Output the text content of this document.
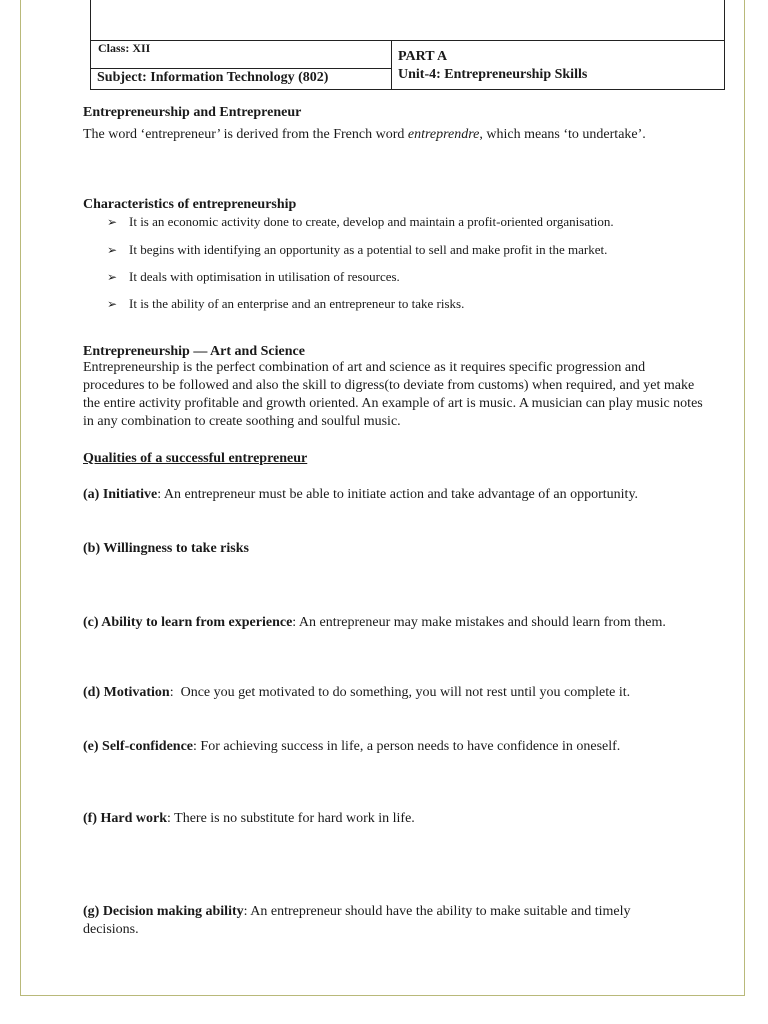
Class: XII
Subject: Information Technology (802)
PART A
Unit-4: Entrepreneurship Skills
Entrepreneurship and Entrepreneur
The word ‘entrepreneur’ is derived from the French word entreprendre, which means ‘to undertake’.
Characteristics of entrepreneurship
➢ It is an economic activity done to create, develop and maintain a profit-oriented organisation.
➢ It begins with identifying an opportunity as a potential to sell and make profit in the market.
➢ It deals with optimisation in utilisation of resources.
➢ It is the ability of an enterprise and an entrepreneur to take risks.
Entrepreneurship — Art and Science
Entrepreneurship is the perfect combination of art and science as it requires specific progression and procedures to be followed and also the skill to digress(to deviate from customs) when required, and yet make the entire activity profitable and growth oriented. An example of art is music. A musician can play music notes in any combination to create soothing and soulful music.
Qualities of a successful entrepreneur
(a) Initiative: An entrepreneur must be able to initiate action and take advantage of an opportunity.
(b) Willingness to take risks
(c) Ability to learn from experience: An entrepreneur may make mistakes and should learn from them.
(d) Motivation:  Once you get motivated to do something, you will not rest until you complete it.
(e) Self-confidence: For achieving success in life, a person needs to have confidence in oneself.
(f) Hard work: There is no substitute for hard work in life.
(g) Decision making ability: An entrepreneur should have the ability to make suitable and timely decisions.
